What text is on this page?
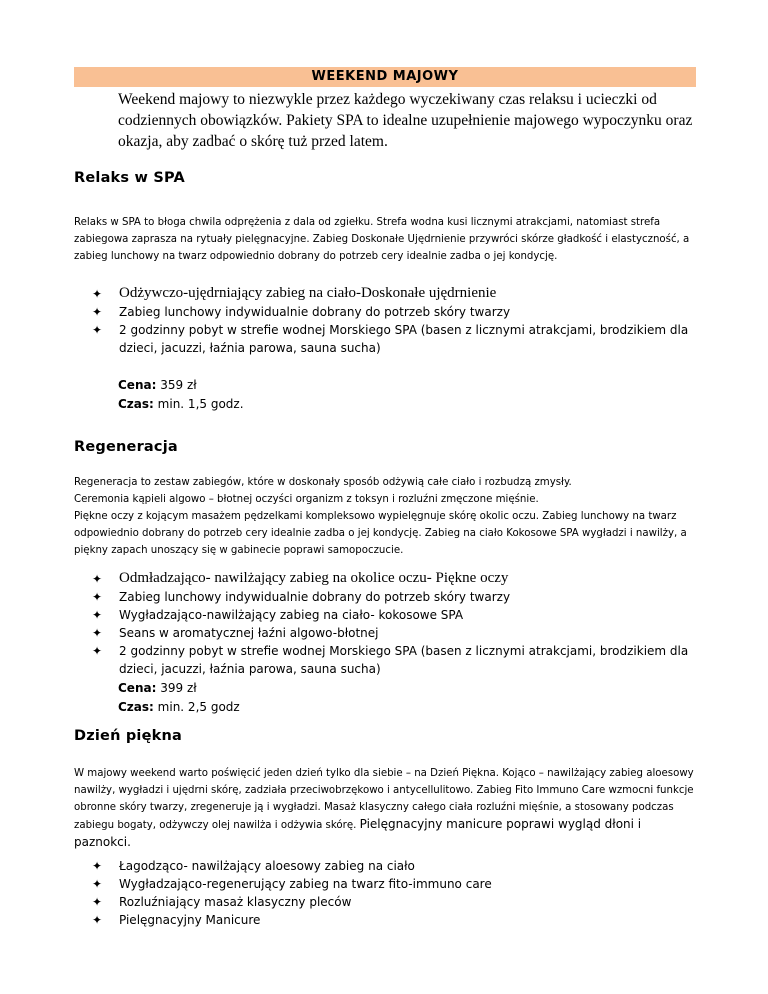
WEEKEND MAJOWY
Weekend majowy to niezwykle przez każdego wyczekiwany czas relaksu i ucieczki od codziennych obowiązków. Pakiety SPA to idealne uzupełnienie majowego wypoczynku oraz okazja, aby zadbać o skórę tuż przed latem.
Relaks w SPA
Relaks w SPA to błoga chwila odprężenia z dala od zgiełku. Strefa wodna kusi licznymi atrakcjami, natomiast strefa zabiegowa zaprasza na rytuały pielęgnacyjne. Zabieg Doskonałe Ujędrnienie przywróci skórze gładkość i elastyczność, a zabieg lunchowy na twarz odpowiednio dobrany do potrzeb cery idealnie zadba o jej kondycję.
✦ Odżywczo-ujędrniający zabieg na ciało-Doskonałe ujędrnienie
✦ Zabieg lunchowy indywidualnie dobrany do potrzeb skóry twarzy
✦ 2 godzinny pobyt w strefie wodnej Morskiego SPA (basen z licznymi atrakcjami, brodzikiem dla dzieci, jacuzzi, łaźnia parowa, sauna sucha)
Cena: 359 zł
Czas: min. 1,5 godz.
Regeneracja
Regeneracja to zestaw zabiegów, które w doskonały sposób odżywią całe ciało i rozbudzą zmysły.
Ceremonia kąpieli algowo – błotnej oczyści organizm z toksyn i rozluźni zmęczone mięśnie.
Piękne oczy z kojącym masażem pędzelkami kompleksowo wypielęgnuje skórę okolic oczu. Zabieg lunchowy na twarz odpowiednio dobrany do potrzeb cery idealnie zadba o jej kondycję. Zabieg na ciało Kokosowe SPA wygładzi i nawilży, a piękny zapach unoszący się w gabinecie poprawi samopoczucie.
✦ Odmładzająco- nawilżający zabieg na okolice oczu- Piękne oczy
✦ Zabieg lunchowy indywidualnie dobrany do potrzeb skóry twarzy
✦ Wygładzająco-nawilżający zabieg na ciało- kokosowe SPA
✦ Seans w aromatycznej łaźni algowo-błotnej
✦ 2 godzinny pobyt w strefie wodnej Morskiego SPA (basen z licznymi atrakcjami, brodzikiem dla dzieci, jacuzzi, łaźnia parowa, sauna sucha)
Cena: 399 zł
Czas: min. 2,5 godz
Dzień piękna
W majowy weekend warto poświęcić jeden dzień tylko dla siebie – na Dzień Piękna. Kojąco – nawilżający zabieg aloesowy nawilży, wygładzi i ujędrni skórę, zadziała przeciwobrzękowo i antycellulitowo. Zabieg Fito Immuno Care wzmocni funkcje obronne skóry twarzy, zregeneruje ją i wygładzi. Masaż klasyczny całego ciała rozluźni mięśnie, a stosowany podczas zabiegu bogaty, odżywczy olej nawilża i odżywia skórę. Pielęgnacyjny manicure poprawi wygląd dłoni i paznokci.
✦ Łagodząco- nawilżający aloesowy zabieg na ciało
✦ Wygładzająco-regenerujący zabieg na twarz fito-immuno care
✦ Rozluźniający masaż klasyczny pleców
✦ Pielęgnacyjny Manicure
